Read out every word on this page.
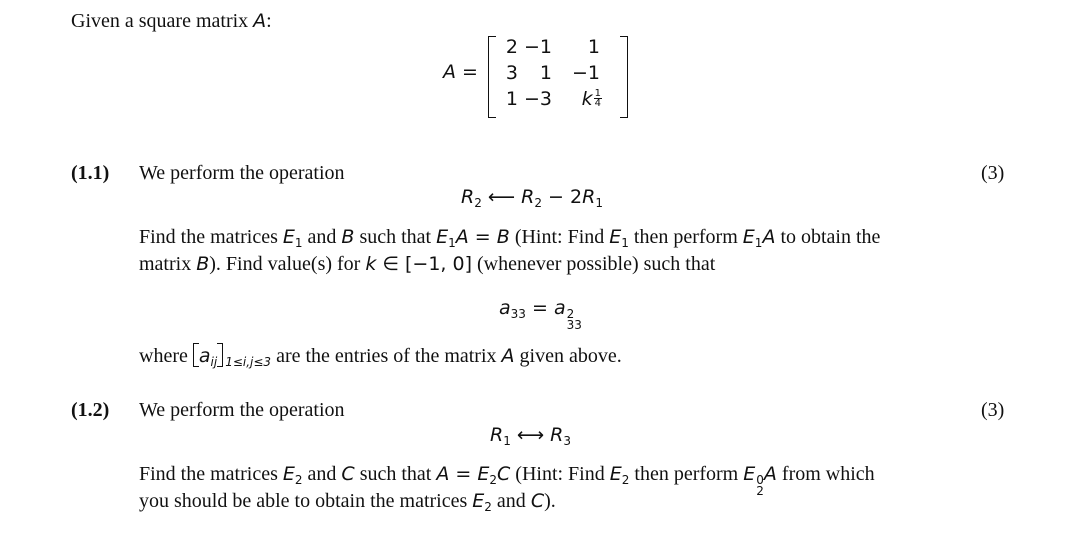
Given a square matrix A:
A =
2 −1	1
3	1	−1
1 −3	k $\frac{1}{4}$
(1.1)	(3)
We perform the operation
$R_2$ ⟵ $R_2 - 2R_1$
Find the matrices $E_1$ and B such that $E_1A = B$ (Hint: Find $E_1$ then perform $E_1A$ to obtain the
matrix B). Find value(s) for k ∈ [−1, 0] (whenever possible) such that
$a_{33} = a$ 2
33
where $a_{ij}$ $_{1\le i,j\le 3}$ are the entries of the matrix A given above.
(1.2)	(3)
We perform the operation
$R_1$ ⟷ $R_3$
Find the matrices $E_2$ and C such that $A = E_2C$ (Hint: Find $E_2$ then perform E 0
2
A from which
you should be able to obtain the matrices $E_2$ and C).
